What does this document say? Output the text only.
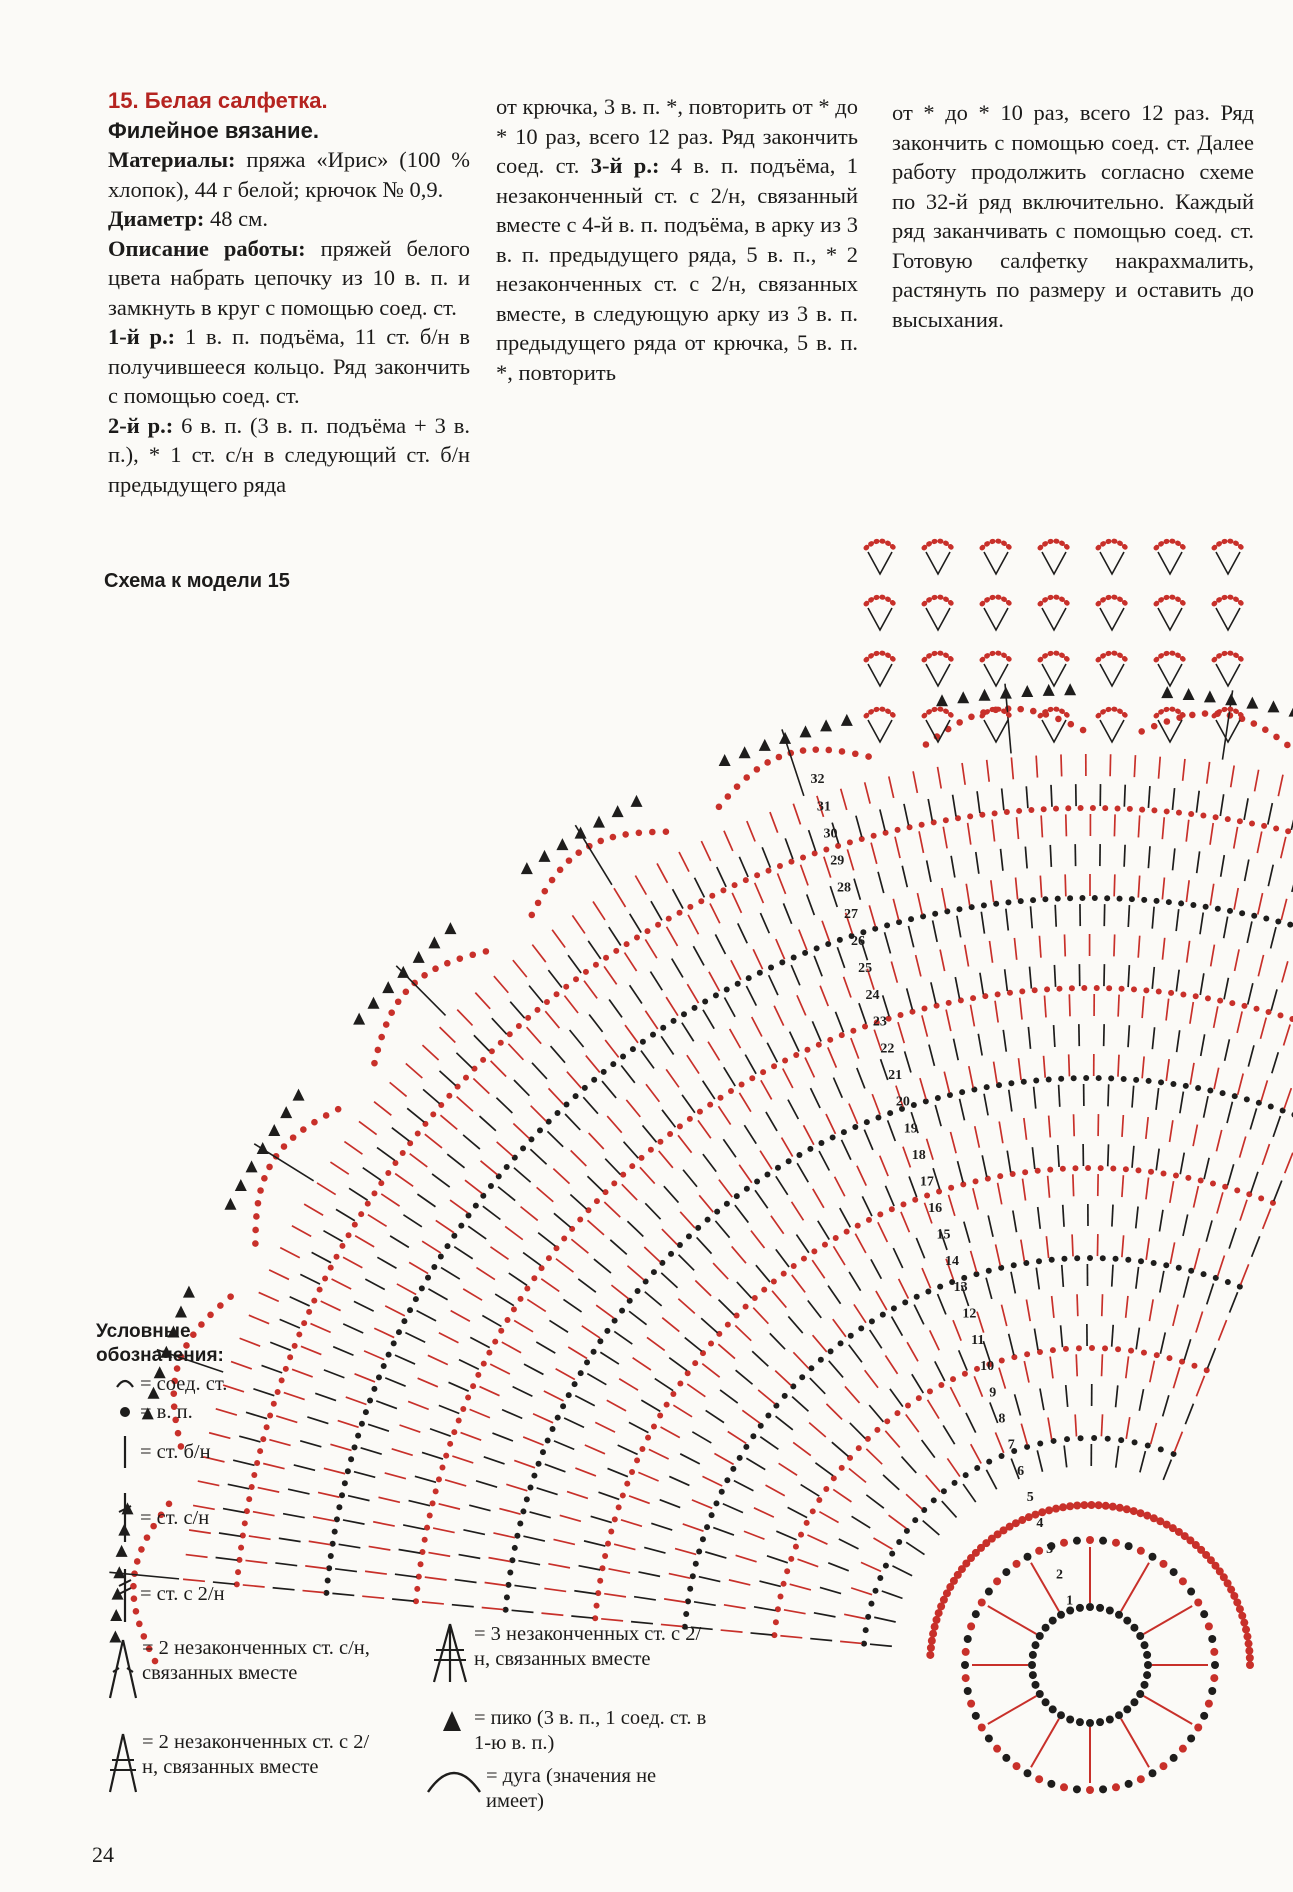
15. Белая салфетка.

Филейное вязание.

Материалы: пряжа «Ирис» (100 % хлопок), 44 г белой; крючок № 0,9.

Диаметр: 48 см.

Описание работы: пряжей белого цвета набрать цепочку из 10 в. п. и замкнуть в круг с помощью соед. ст.

1-й р.: 1 в. п. подъёма, 11 ст. б/н в получившееся кольцо. Ряд закончить с помощью соед. ст.

2-й р.: 6 в. п. (3 в. п. подъёма + 3 в. п.), * 1 ст. с/н в следующий ст. б/н предыдущего ряда

от крючка, 3 в. п. *, повторить от * до * 10 раз, всего 12 раз. Ряд закончить соед. ст. 3-й р.: 4 в. п. подъёма, 1 незаконченный ст. с 2/н, связанный вместе с 4-й в. п. подъёма, в арку из 3 в. п. предыдущего ряда, 5 в. п., * 2 незаконченных ст. с 2/н, связанных вместе, в следующую арку из 3 в. п. предыдущего ряда от крючка, 5 в. п. *, повторить

от * до * 10 раз, всего 12 раз. Ряд закончить с помощью соед. ст. Далее работу продолжить согласно схеме по 32-й ряд включительно. Каждый ряд заканчивать с помощью соед. ст. Готовую салфетку накрахмалить, растянуть по размеру и оставить до высыхания.

Схема к модели 15
1
2
3
4
5
6
7
8
9
10
11
12
13
14
15
16
17
18
19
20
21
22
23
24
25
26
27
28
29
30
31
32
Условные обозначения:
= соед. ст.
= в. п.
= ст. б/н
= ст. с/н
= ст. с 2/н
= 2 незаконченных ст. с/н, связанных вместе
= 2 незаконченных ст. с 2/н, связанных вместе
= 3 незаконченных ст. с 2/н, связанных вместе
= пико (3 в. п., 1 соед. ст. в 1-ю в. п.)
= дуга (значения не имеет)
24
